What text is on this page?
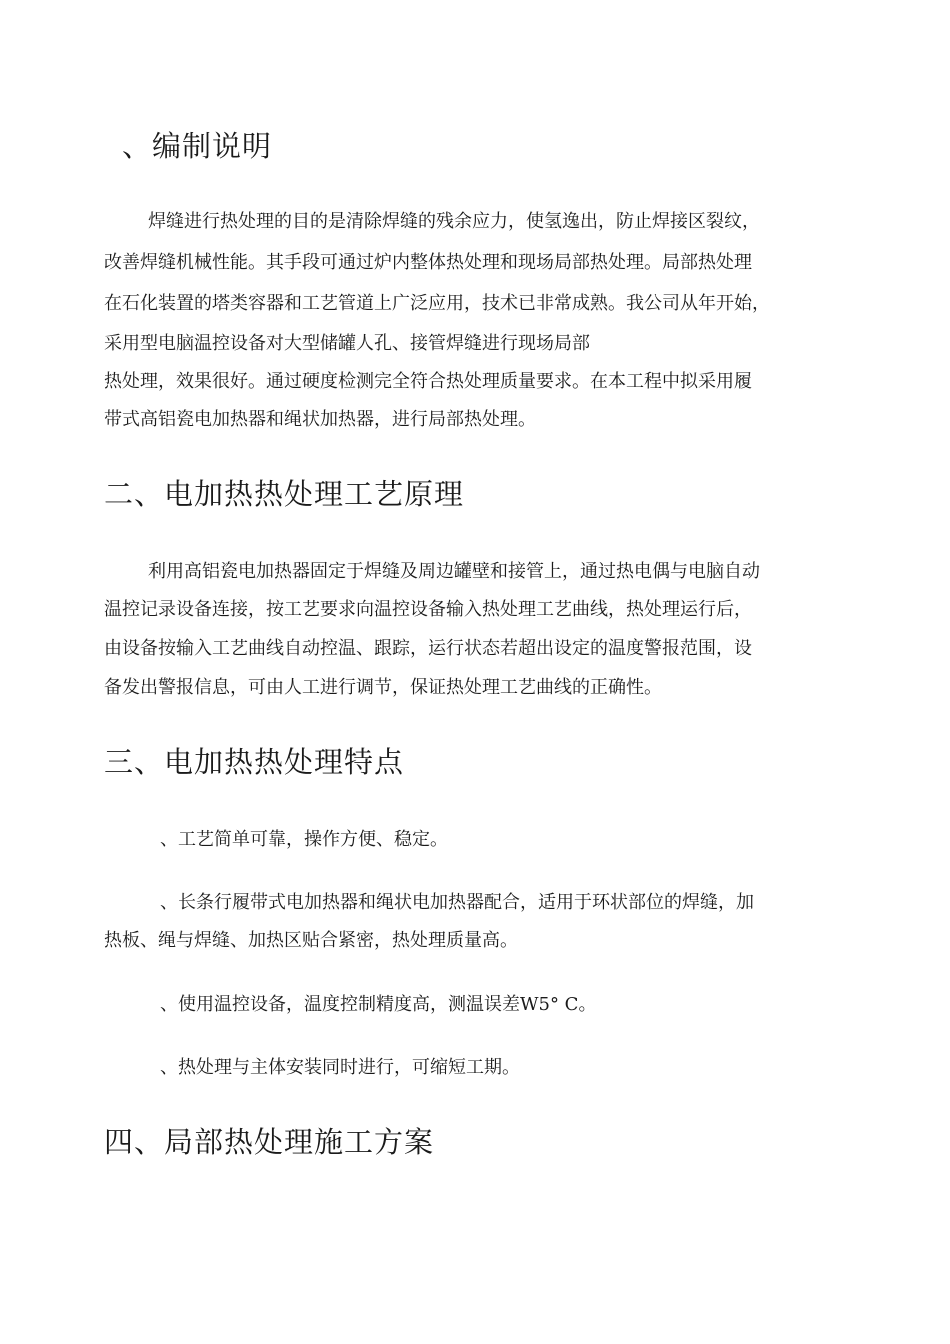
、编制说明
焊缝进行热处理的目的是清除焊缝的残余应力，使氢逸出，防止焊接区裂纹，
改善焊缝机械性能。其手段可通过炉内整体热处理和现场局部热处理。局部热处理
在石化装置的塔类容器和工艺管道上广泛应用，技术已非常成熟。我公司从年开始，
采用型电脑温控设备对大型储罐人孔、接管焊缝进行现场局部
热处理，效果很好。通过硬度检测完全符合热处理质量要求。在本工程中拟采用履
带式高铝瓷电加热器和绳状加热器，进行局部热处理。
二、电加热热处理工艺原理
利用高铝瓷电加热器固定于焊缝及周边罐壁和接管上，通过热电偶与电脑自动
温控记录设备连接，按工艺要求向温控设备输入热处理工艺曲线，热处理运行后，
由设备按输入工艺曲线自动控温、跟踪，运行状态若超出设定的温度警报范围，设
备发出警报信息，可由人工进行调节，保证热处理工艺曲线的正确性。
三、电加热热处理特点
、工艺简单可靠，操作方便、稳定。
、长条行履带式电加热器和绳状电加热器配合，适用于环状部位的焊缝，加
热板、绳与焊缝、加热区贴合紧密，热处理质量高。
、使用温控设备，温度控制精度高，测温误差W5° C。
、热处理与主体安装同时进行，可缩短工期。
四、局部热处理施工方案
